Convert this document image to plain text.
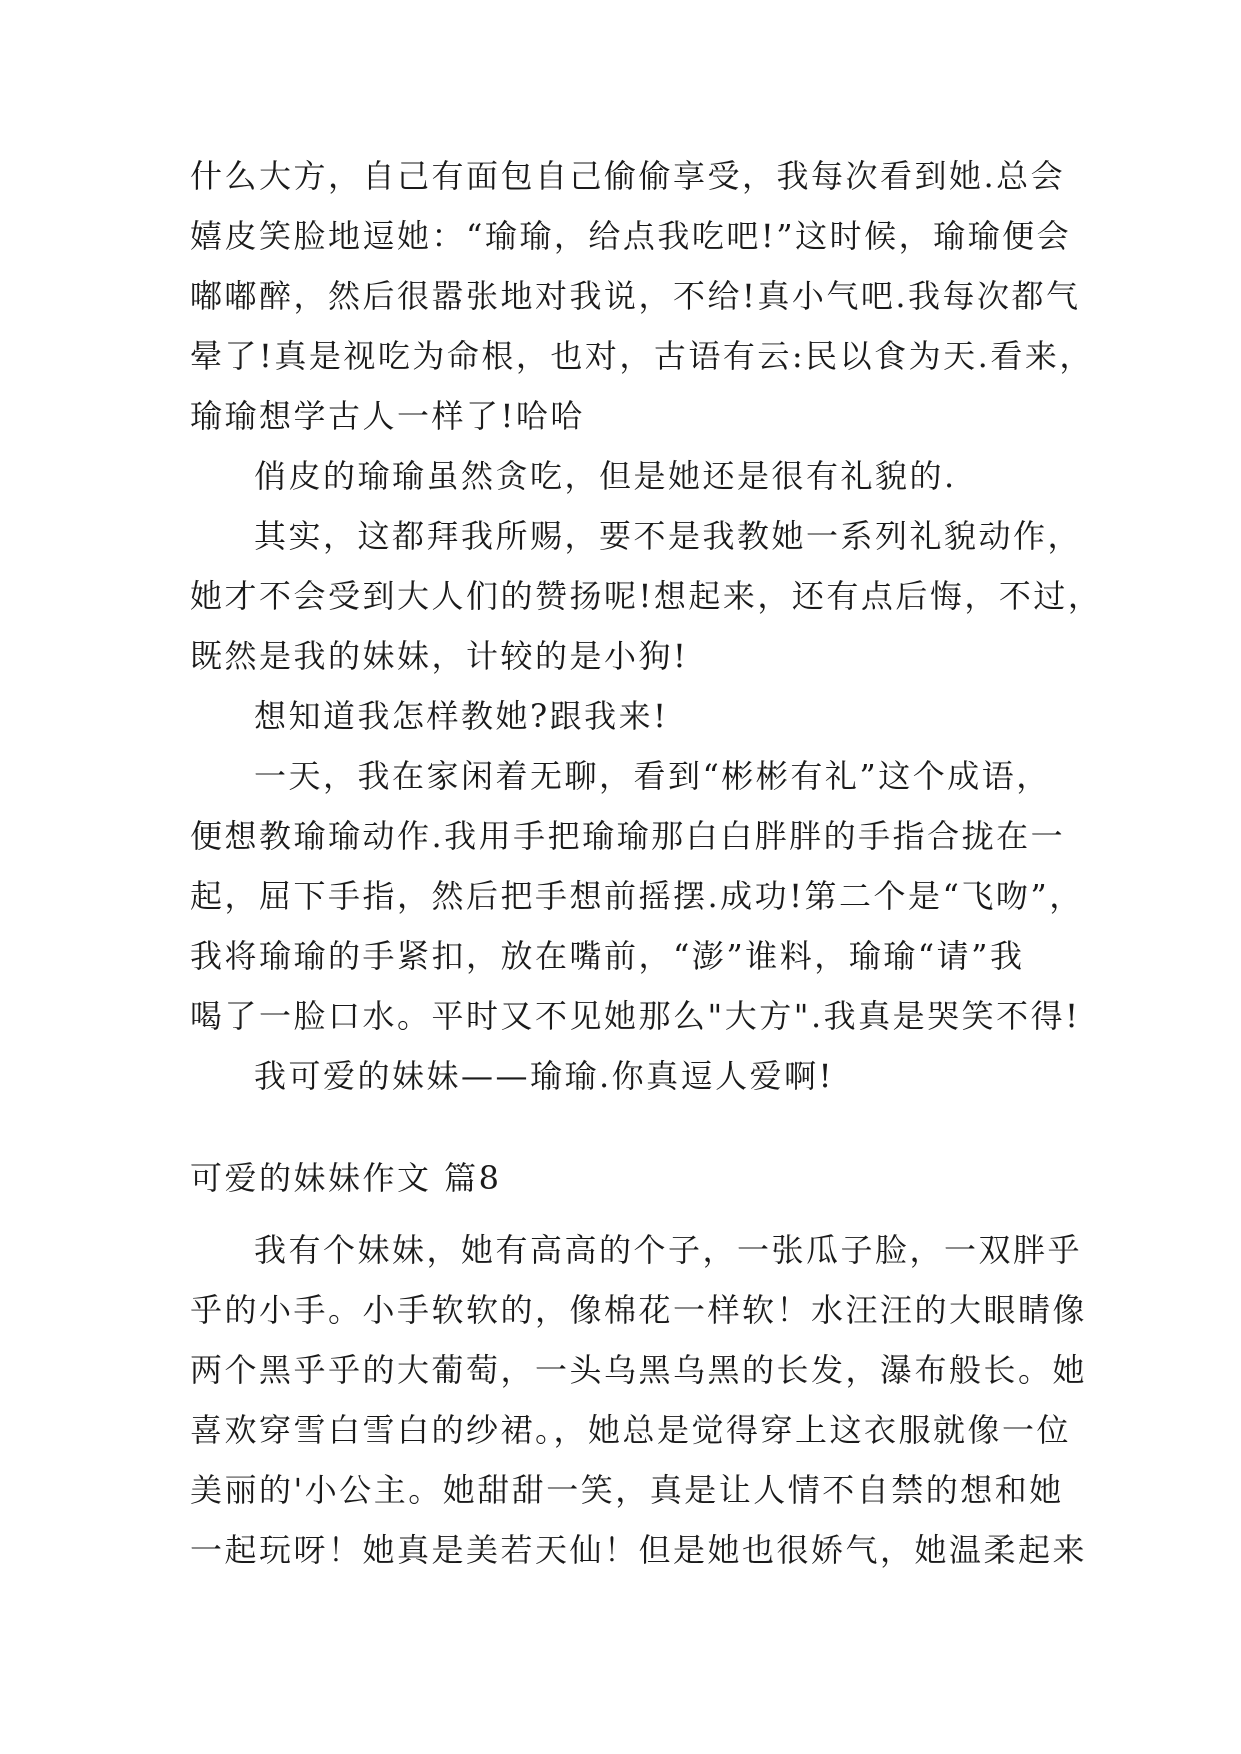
什么大方，自己有面包自己偷偷享受，我每次看到她.总会
嬉皮笑脸地逗她：“瑜瑜，给点我吃吧!”这时候，瑜瑜便会
嘟嘟醉，然后很嚣张地对我说，不给!真小气吧.我每次都气
晕了!真是视吃为命根，也对，古语有云:民以食为天.看来，
瑜瑜想学古人一样了!哈哈
俏皮的瑜瑜虽然贪吃，但是她还是很有礼貌的.
其实，这都拜我所赐，要不是我教她一系列礼貌动作，
她才不会受到大人们的赞扬呢!想起来，还有点后悔，不过，
既然是我的妹妹，计较的是小狗!
想知道我怎样教她?跟我来!
一天，我在家闲着无聊，看到“彬彬有礼”这个成语，
便想教瑜瑜动作.我用手把瑜瑜那白白胖胖的手指合拢在一
起，屈下手指，然后把手想前摇摆.成功!第二个是“飞吻”，
我将瑜瑜的手紧扣，放在嘴前，“澎”谁料，瑜瑜“请”我
喝了一脸口水。平时又不见她那么"大方".我真是哭笑不得!
我可爱的妹妹——瑜瑜.你真逗人爱啊!
可爱的妹妹作文 篇8
我有个妹妹，她有高高的个子，一张瓜子脸，一双胖乎
乎的小手。小手软软的，像棉花一样软！水汪汪的大眼睛像
两个黑乎乎的大葡萄，一头乌黑乌黑的长发，瀑布般长。她
喜欢穿雪白雪白的纱裙。，她总是觉得穿上这衣服就像一位
美丽的'小公主。她甜甜一笑，真是让人情不自禁的想和她
一起玩呀！她真是美若天仙！但是她也很娇气，她温柔起来
